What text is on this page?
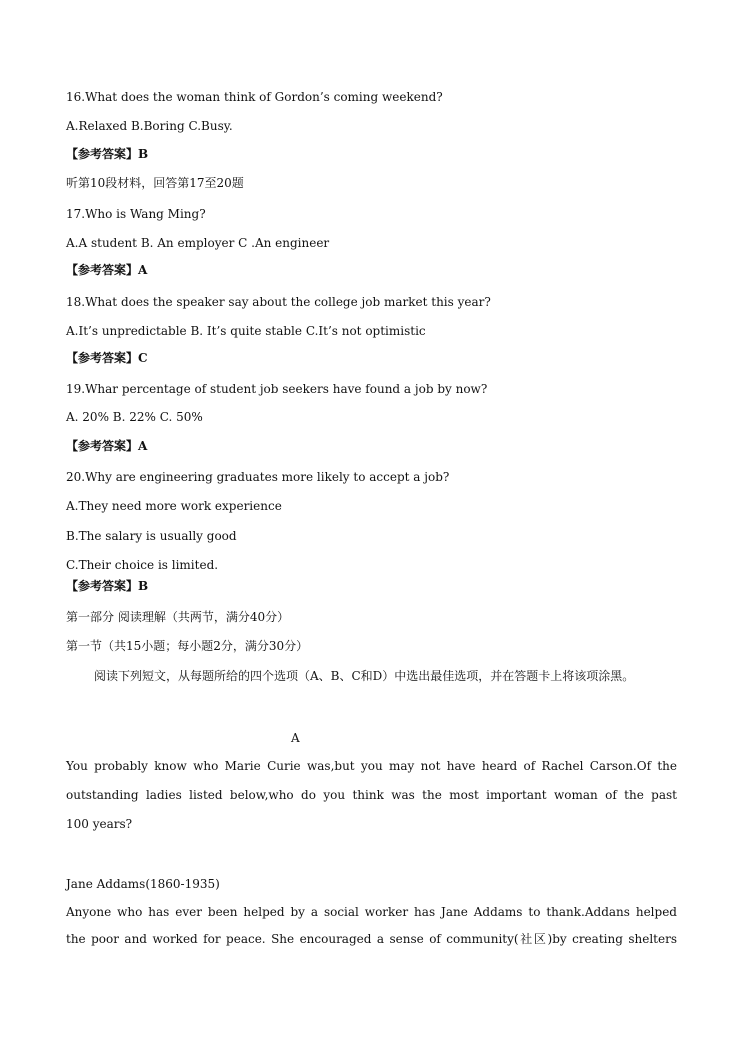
16.What does the woman think of Gordon’s coming weekend?
A.Relaxed B.Boring C.Busy.
【参考答案】B
听第10段材料，回答第17至20题
17.Who is Wang Ming?
A.A student B. An employer C .An engineer
【参考答案】A
18.What does the speaker say about the college job market this year?
A.It’s unpredictable B. It’s quite stable C.It’s not optimistic
【参考答案】C
19.Whar percentage of student job seekers have found a job by now?
A. 20% B. 22% C. 50%
【参考答案】A
20.Why are engineering graduates more likely to accept a job?
A.They need more work experience
B.The salary is usually good
C.Their choice is limited.
【参考答案】B
第一部分 阅读理解（共两节，满分40分）
第一节（共15小题；每小题2分，满分30分）
阅读下列短文，从每题所给的四个选项（A、B、C和D）中选出最佳选项，并在答题卡上将该项涂黑。
A
You probably know who Marie Curie was,but you may not have heard of Rachel Carson.Of the
outstanding ladies listed below,who do you think was the most important woman of the past
100 years?
Jane Addams(1860-1935)
Anyone who has ever been helped by a social worker has Jane Addams to thank.Addans helped
the poor and worked for peace. She encouraged a sense of community(社区)by creating shelters
